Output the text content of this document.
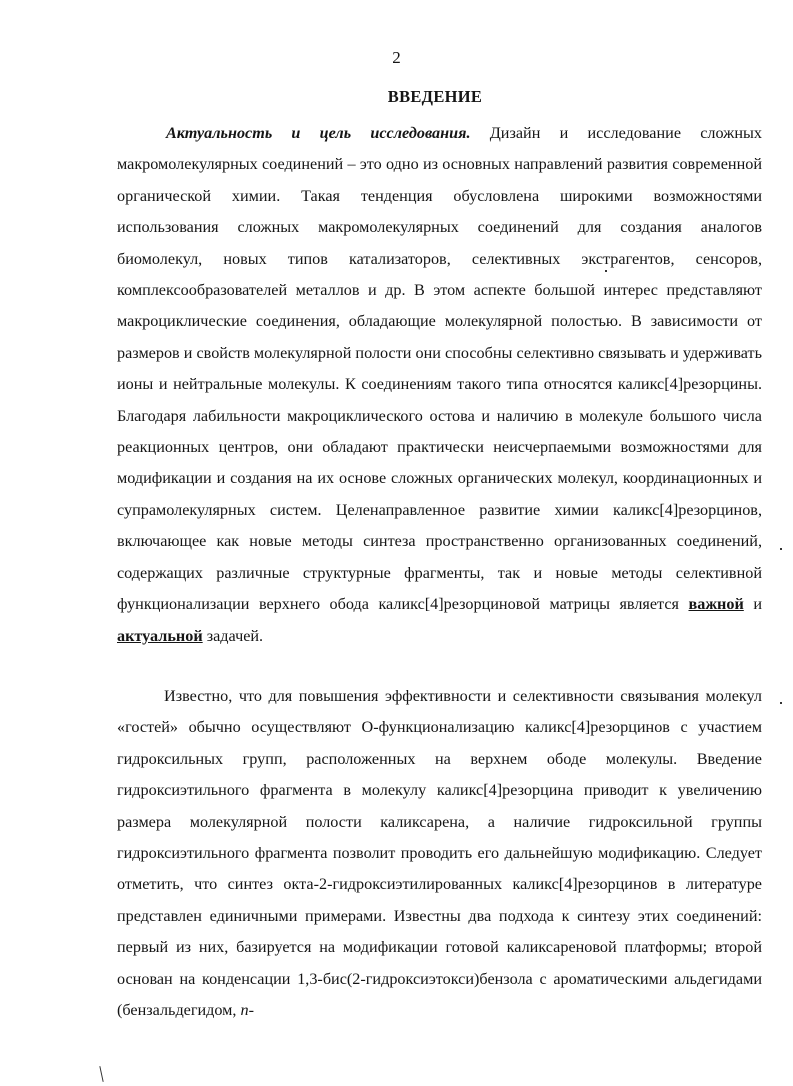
2
ВВЕДЕНИЕ

Актуальность и цель исследования. Дизайн и исследование сложных макромолекулярных соединений – это одно из основных направлений развития современной органической химии. Такая тенденция обусловлена широкими возможностями использования сложных макромолекулярных соединений для создания аналогов биомолекул, новых типов катализаторов, селективных экстрагентов, сенсоров, комплексообразователей металлов и др. В этом аспекте большой интерес представляют макроциклические соединения, обладающие молекулярной полостью. В зависимости от размеров и свойств молекулярной полости они способны селективно связывать и удерживать ионы и нейтральные молекулы. К соединениям такого типа относятся каликс[4]резорцины. Благодаря лабильности макроциклического остова и наличию в молекуле большого числа реакционных центров, они обладают практически неисчерпаемыми возможностями для модификации и создания на их основе сложных органических молекул, координационных и супрамолекулярных систем. Целенаправленное развитие химии каликс[4]резорцинов, включающее как новые методы синтеза пространственно организованных соединений, содержащих различные структурные фрагменты, так и новые методы селективной функционализации верхнего обода каликс[4]резорциновой матрицы является важной и актуальной задачей.

Известно, что для повышения эффективности и селективности связывания молекул «гостей» обычно осуществляют О-функционализацию каликс[4]резорцинов с участием гидроксильных групп, расположенных на верхнем ободе молекулы. Введение гидроксиэтильного фрагмента в молекулу каликс[4]резорцина приводит к увеличению размера молекулярной полости каликсарена, а наличие гидроксильной группы гидроксиэтильного фрагмента позволит проводить его дальнейшую модификацию. Следует отметить, что синтез окта-2-гидроксиэтилированных каликс[4]резорцинов в литературе представлен единичными примерами. Известны два подхода к синтезу этих соединений: первый из них, базируется на модификации готовой каликсареновой платформы; второй основан на конденсации 1,3-бис(2-гидроксиэтокси)бензола с ароматическими альдегидами (бензальдегидом, n-
